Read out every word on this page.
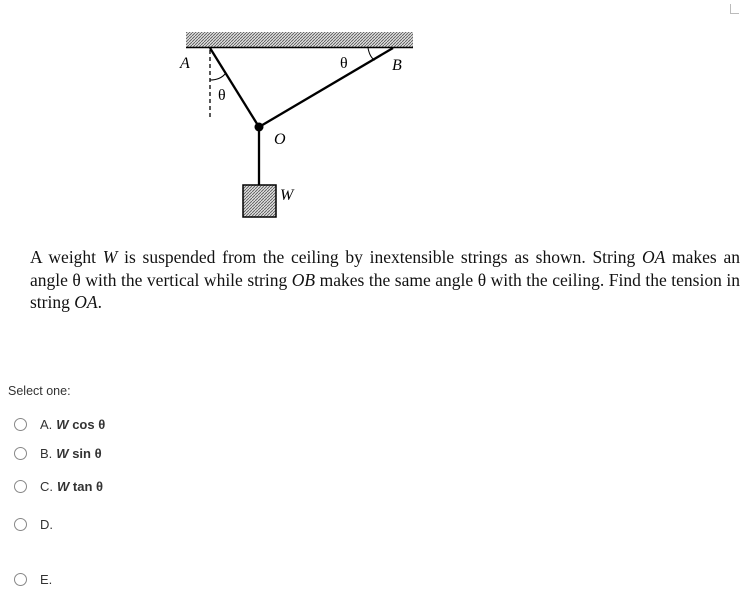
A	B
O
W
θ
θ
A weight W is suspended from the ceiling by inextensible strings as shown. String OA makes an angle θ with the vertical while string OB makes the same angle θ with the ceiling. Find the tension in string OA.
Select one:
A. W cos θ
B. W sin θ
C. W tan θ
D.
E.
